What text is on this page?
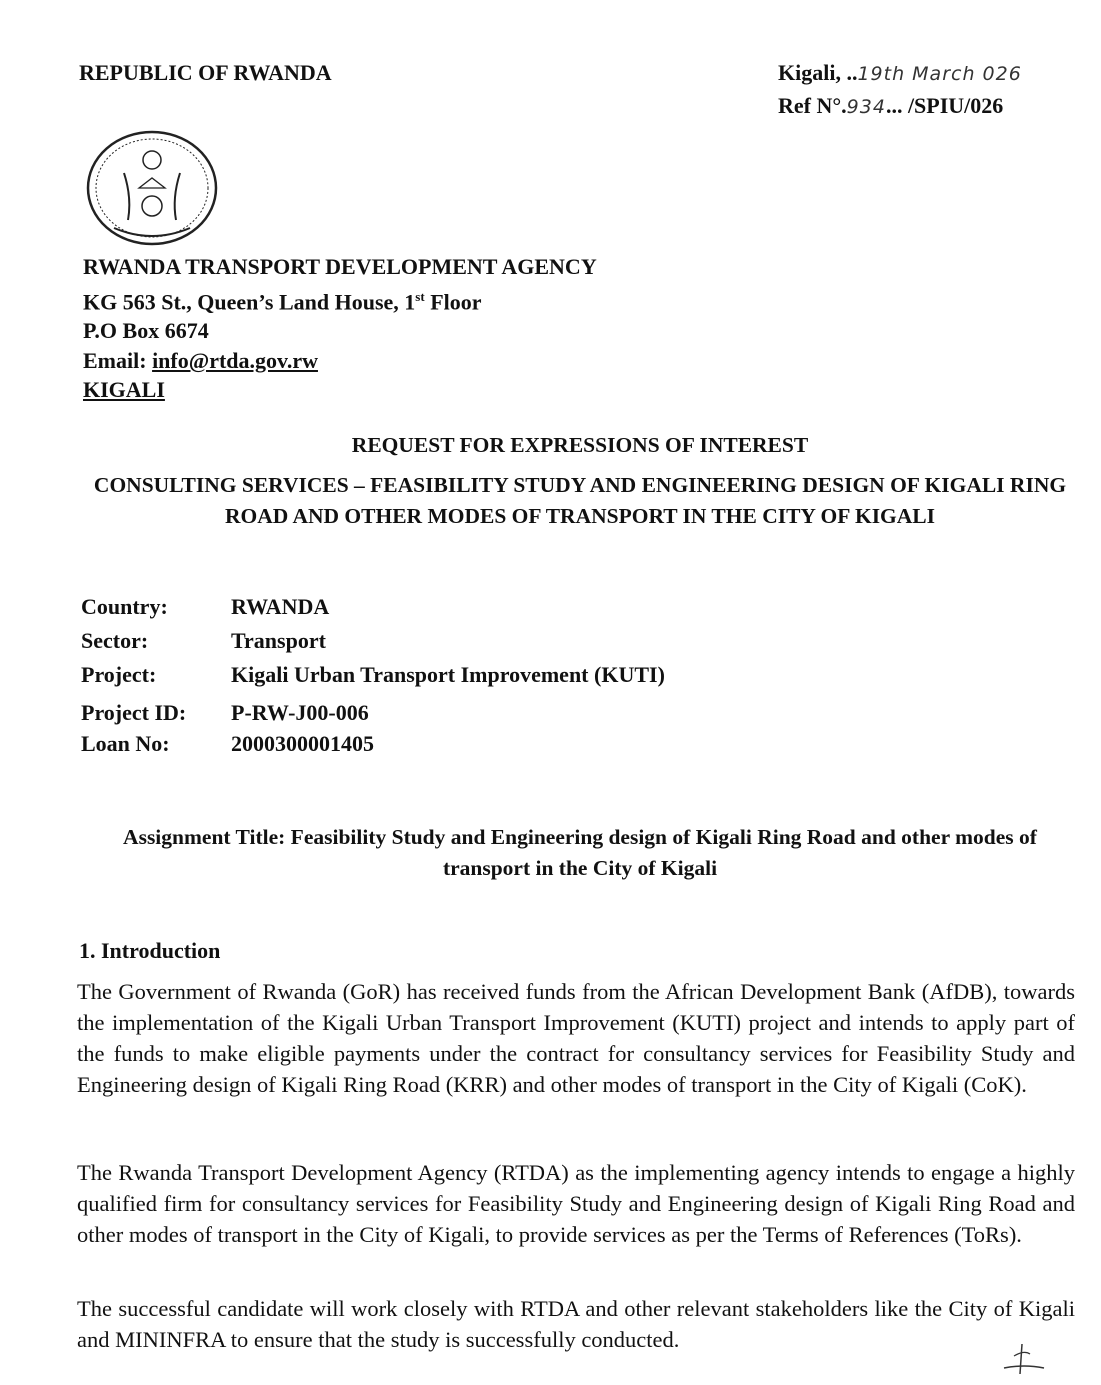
REPUBLIC OF RWANDA	Kigali, ..19th March 026
Ref N°.934... /SPIU/026
RWANDA TRANSPORT DEVELOPMENT AGENCY
KG 563 St., Queen’s Land House, 1st Floor
P.O Box 6674
Email: info@rtda.gov.rw
KIGALI
REQUEST FOR EXPRESSIONS OF INTEREST
CONSULTING SERVICES – FEASIBILITY STUDY AND ENGINEERING DESIGN OF KIGALI RING ROAD AND OTHER MODES OF TRANSPORT IN THE CITY OF KIGALI
Country:	RWANDA
Sector:	Transport
Project:	Kigali Urban Transport Improvement (KUTI)
Project ID:	P-RW-J00-006
Loan No:	2000300001405
Assignment Title: Feasibility Study and Engineering design of Kigali Ring Road and other modes of transport in the City of Kigali
1. Introduction
The Government of Rwanda (GoR) has received funds from the African Development Bank (AfDB), towards the implementation of the Kigali Urban Transport Improvement (KUTI) project and intends to apply part of the funds to make eligible payments under the contract for consultancy services for Feasibility Study and Engineering design of Kigali Ring Road (KRR) and other modes of transport in the City of Kigali (CoK).
The Rwanda Transport Development Agency (RTDA) as the implementing agency intends to engage a highly qualified firm for consultancy services for Feasibility Study and Engineering design of Kigali Ring Road and other modes of transport in the City of Kigali, to provide services as per the Terms of References (ToRs).
The successful candidate will work closely with RTDA and other relevant stakeholders like the City of Kigali and MININFRA to ensure that the study is successfully conducted.
